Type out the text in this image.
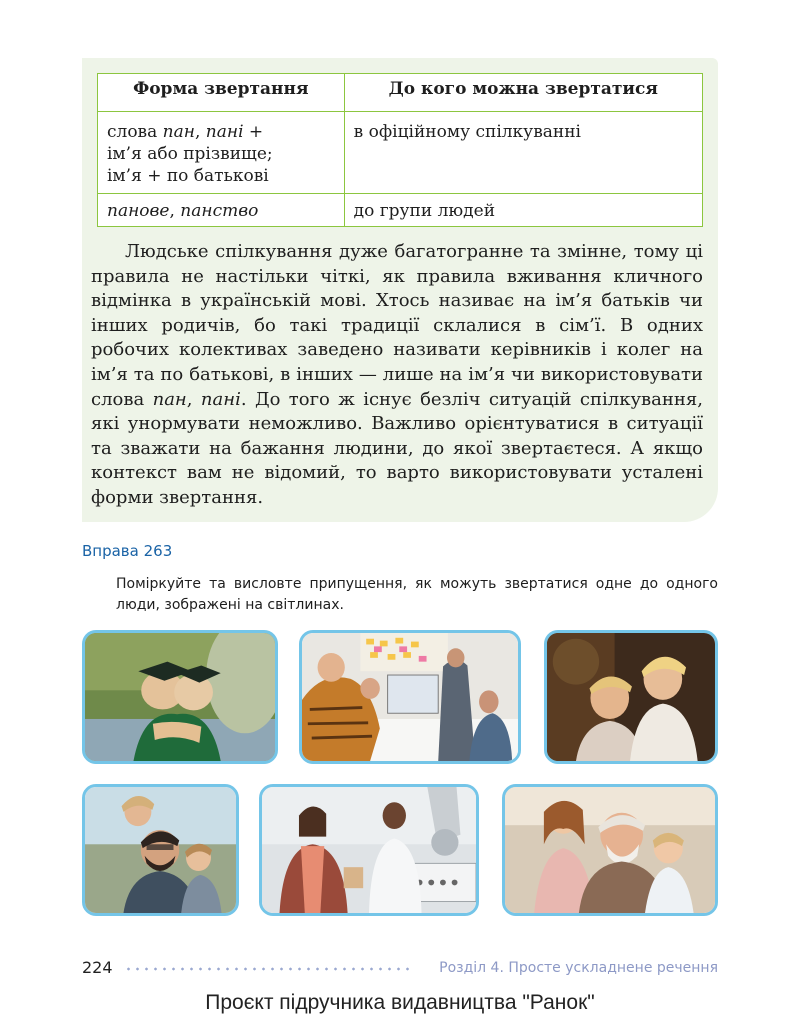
Форма звертання	До кого можна звертатися
слова пан, пані +
ім’я або прізвище;
ім’я + по батькові	в офіційному спілкуванні
панове, панство	до групи людей

Людське спілкування дуже багатогранне та змінне, тому ці правила не настільки чіткі, як правила вживання кличного відмінка в українській мові. Хтось називає на ім’я батьків чи інших родичів, бо такі традиції склалися в сім’ї. В одних робочих колективах заведено називати керівників і колег на ім’я та по батькові, в інших — лише на ім’я чи використовувати слова пан, пані. До того ж існує безліч ситуацій спілкування, які унормувати неможливо. Важливо орієнтуватися в ситуації та зважати на бажання людини, до якої звертаєтеся. А якщо контекст вам не відомий, то варто використовувати усталені форми звертання.

Вправа 263

Поміркуйте та висловте припущення, як можуть звертатися одне до одного люди, зображені на світлинах.

224	Розділ 4. Просте ускладнене речення
Проєкт підручника видавництва "Ранок"
